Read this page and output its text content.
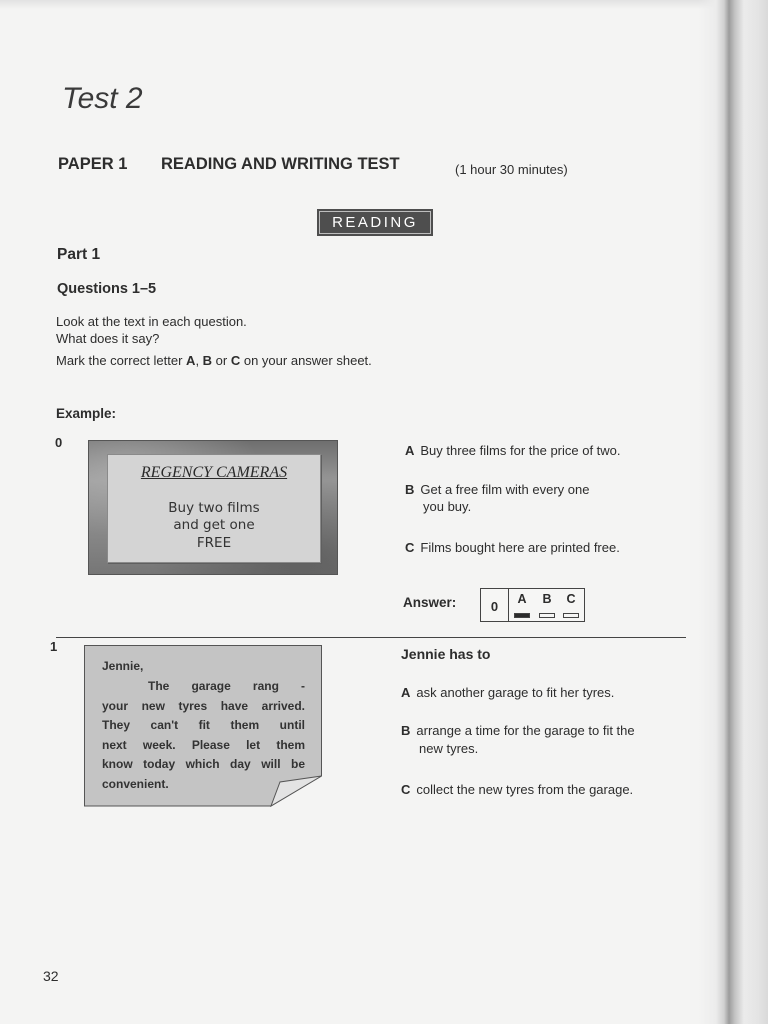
Test 2
PAPER 1 READING AND WRITING TEST	(1 hour 30 minutes)
READING
Part 1
Questions 1–5
Look at the text in each question.
What does it say?
Mark the correct letter A, B or C on your answer sheet.
Example:
0
REGENCY CAMERAS
Buy two films
and get one
FREE
A Buy three films for the price of two.
B Get a free film with every one
you buy.
C Films bought here are printed free.
Answer:	0	A B C
1
Jennie,
The garage rang -
your new tyres have arrived.
They can't fit them until
next week. Please let them
know today which day will be
convenient.
Jennie has to
A ask another garage to fit her tyres.
B arrange a time for the garage to fit the
new tyres.
C collect the new tyres from the garage.
32
